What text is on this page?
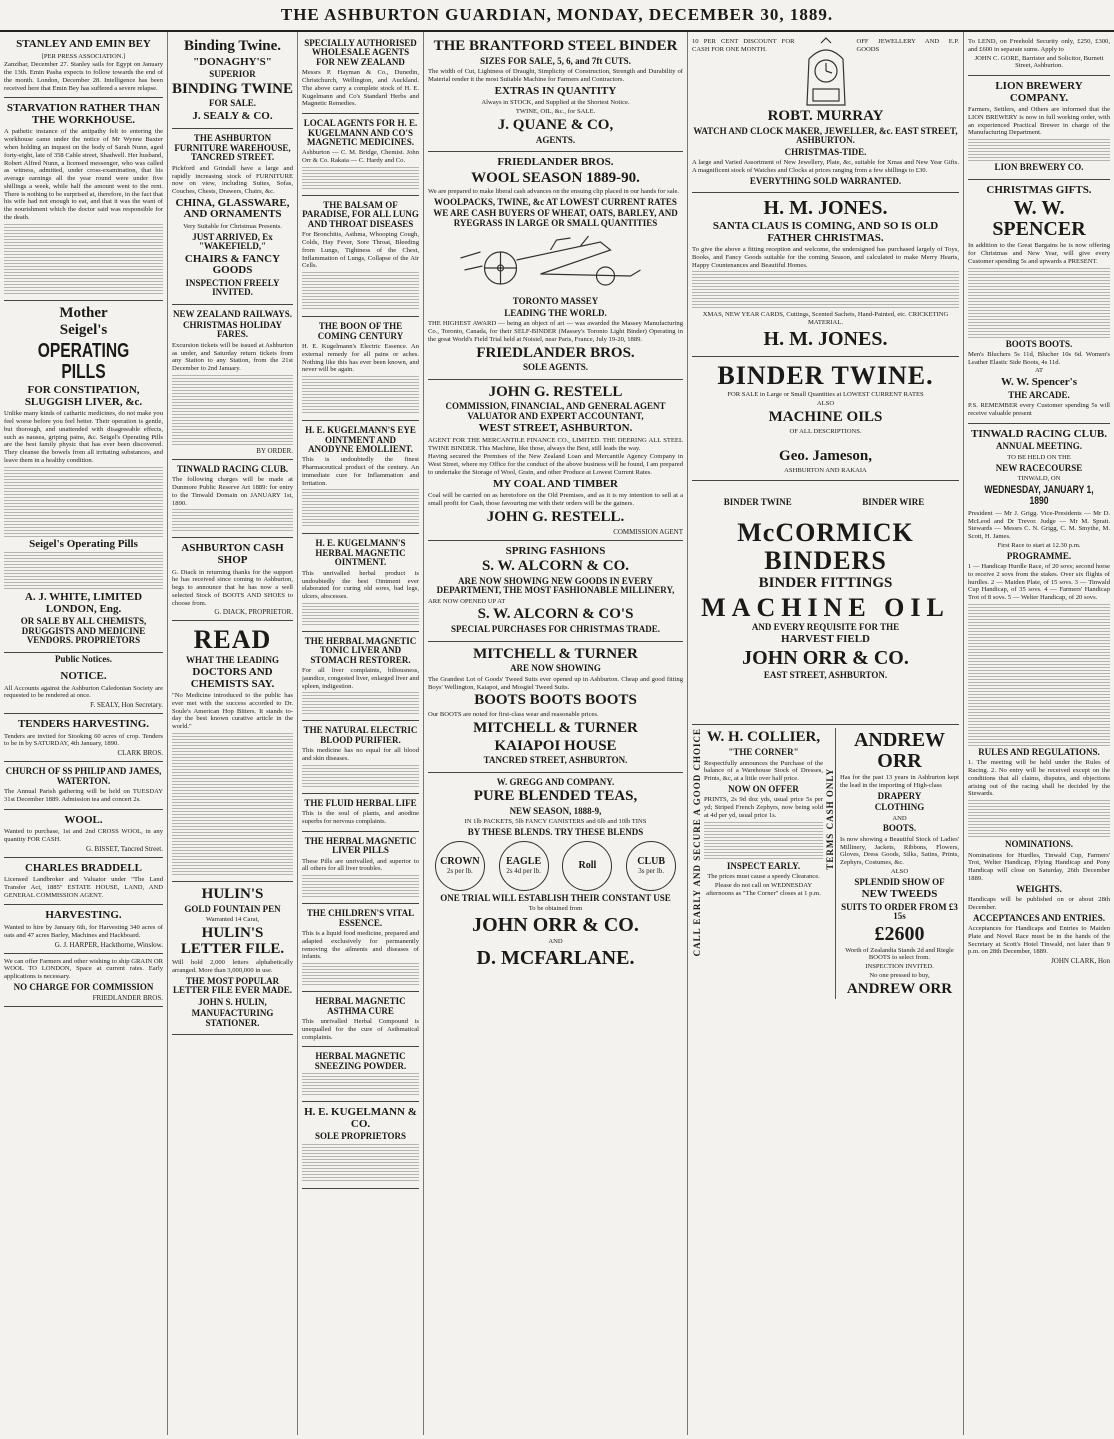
THE ASHBURTON GUARDIAN, MONDAY, DECEMBER 30, 1889.
STANLEY AND EMIN BEY
[PER PRESS ASSOCIATION.]
Zanzibar, December 27. Stanley sails for Egypt on January the 13th. Emin Pasha expects to follow towards the end of the month. London, December 28. Intelligence has been received here that Emin Bey has suffered a severe relapse.
STARVATION RATHER THAN THE WORKHOUSE.
A pathetic instance of the antipathy felt to entering the workhouse came under the notice of Mr Wynne Baxter when holding an inquest on the body of Sarah Nunn, aged forty-eight, late of 358 Cable street, Shadwell. Her husband, Robert Alfred Nunn, a licensed messenger, who was called as witness, admitted, under cross-examination, that his average earnings all the year round were under five shillings a week, while half the amount went to the rent. There is nothing to be surprised at, therefore, in the fact that his wife had not enough to eat, and that it was the want of the nourishment which the doctor said was responsible for the death.
Mother
Seigel's
OPERATING PILLS
FOR CONSTIPATION, SLUGGISH LIVER, &c.
Unlike many kinds of cathartic medicines, do not make you feel worse before you feel better. Their operation is gentle, but thorough, and unattended with disagreeable effects, such as nausea, griping pains, &c. Seigel's Operating Pills are the best family physic that has ever been discovered. They cleanse the bowels from all irritating substances, and leave them in a healthy condition.
Seigel's Operating Pills
A. J. WHITE, LIMITED LONDON, Eng.
OR SALE BY ALL CHEMISTS, DRUGGISTS AND MEDICINE VENDORS. PROPRIETORS
Public Notices.
NOTICE.
All Accounts against the Ashburton Caledonian Society are requested to be rendered at once.
F. SEALY, Hon Secretary.
TENDERS HARVESTING.
Tenders are invited for Stooking 60 acres of crop. Tenders to be in by SATURDAY, 4th January, 1890.
CLARK BROS.
CHURCH OF SS PHILIP AND JAMES, WATERTON.
The Annual Parish gathering will be held on TUESDAY 31st December 1889. Admission tea and concert 2s.
WOOL.
Wanted to purchase, 1st and 2nd CROSS WOOL, in any quantity FOR CASH.
G. BISSET, Tancred Street.
CHARLES BRADDELL
Licensed Landbroker and Valuator under "The Land Transfer Act, 1885" ESTATE HOUSE, LAND, AND GENERAL COMMISSION AGENT.
HARVESTING.
Wanted to hire by January 6th, for Harvesting 340 acres of oats and 47 acres Barley, Machines and Hackboard.
G. J. HARPER, Hackthorne, Winslow.
We can offer Farmers and other wishing to ship GRAIN OR WOOL TO LONDON, Space at current rates. Early applications is necessary.
NO CHARGE FOR COMMISSION
FRIEDLANDER BROS.
Binding Twine.
"DONAGHY'S"
SUPERIOR
BINDING TWINE
FOR SALE.
J. SEALY & CO.
THE ASHBURTON FURNITURE WAREHOUSE, TANCRED STREET.
Pickford and Grindall have a large and rapidly increasing stock of FURNITURE now on view, including Suites, Sofas, Couches, Chests, Drawers, Chairs, &c.
CHINA, GLASSWARE, AND ORNAMENTS
Very Suitable for Christmas Presents.
JUST ARRIVED, Ex "WAKEFIELD,"
CHAIRS & FANCY GOODS
INSPECTION FREELY INVITED.
NEW ZEALAND RAILWAYS.
CHRISTMAS HOLIDAY FARES.
Excursion tickets will be issued at Ashburton as under, and Saturday return tickets from any Station to any Station, from the 21st December to 2nd January.
BY ORDER.
TINWALD RACING CLUB.
The following charges will be made at Dunmore Public Reserve Art 1889: for entry to the Tinwald Domain on JANUARY 1st, 1890.
ASHBURTON CASH SHOP
G. Diack in returning thanks for the support he has received since coming to Ashburton, begs to announce that he has now a well selected Stock of BOOTS AND SHOES to choose from.
G. DIACK, PROPRIETOR.
READ
WHAT THE LEADING
DOCTORS AND CHEMISTS SAY.
"No Medicine introduced to the public has ever met with the success accorded to Dr. Soule's American Hop Bitters. It stands to-day the best known curative article in the world."
HULIN'S
GOLD FOUNTAIN PEN
Warranted 14 Carat,
HULIN'S LETTER FILE.
Will hold 2,000 letters alphabetically arranged. More than 3,000,000 in use.
THE MOST POPULAR LETTER FILE EVER MADE.
JOHN S. HULIN,
MANUFACTURING STATIONER.
SPECIALLY AUTHORISED WHOLESALE AGENTS FOR NEW ZEALAND
Messrs P. Hayman & Co., Dunedin, Christchurch, Wellington, and Auckland. The above carry a complete stock of H. E. Kugelmann and Co's Standard Herbs and Magnetic Remedies.
LOCAL AGENTS FOR H. E. KUGELMANN AND CO'S MAGNETIC MEDICINES.
Ashburton — C. M. Bridge, Chemist. John Orr & Co. Rakaia — C. Hardy and Co.
THE BALSAM OF PARADISE, FOR ALL LUNG AND THROAT DISEASES
For Bronchitis, Asthma, Whooping Cough, Colds, Hay Fever, Sore Throat, Bleeding from Lungs, Tightness of the Chest, Inflammation of Lungs, Collapse of the Air Cells.
THE BOON OF THE COMING CENTURY
H. E. Kugelmann's Electric Essence. An external remedy for all pains or aches. Nothing like this has ever been known, and never will be again.
H. E. KUGELMANN'S EYE OINTMENT AND ANODYNE EMOLLIENT.
This is undoubtedly the finest Pharmaceutical product of the century. An immediate cure for Inflammation and Irritation.
H. E. KUGELMANN'S HERBAL MAGNETIC OINTMENT.
This unrivalled herbal product is undoubtedly the best Ointment ever elaborated for curing old sores, bad legs, ulcers, abscesses.
THE HERBAL MAGNETIC TONIC LIVER AND STOMACH RESTORER.
For all liver complaints, biliousness, jaundice, congested liver, enlarged liver and spleen, indigestion.
THE NATURAL ELECTRIC BLOOD PURIFIER.
This medicine has no equal for all blood and skin diseases.
THE FLUID HERBAL LIFE
This is the soul of plants, and anodine superbs for nervous complaints.
THE HERBAL MAGNETIC LIVER PILLS
These Pills are unrivalled, and superior to all others for all liver troubles.
THE CHILDREN'S VITAL ESSENCE.
This is a liquid food medicine, prepared and adapted exclusively for permanently removing the ailments and diseases of infants.
HERBAL MAGNETIC ASTHMA CURE
This unrivalled Herbal Compound is unequalled for the cure of Asthmatical complaints.
HERBAL MAGNETIC SNEEZING POWDER.
H. E. KUGELMANN & CO.
SOLE PROPRIETORS
THE BRANTFORD STEEL BINDER
SIZES FOR SALE, 5, 6, and 7ft CUTS.
The width of Cut, Lightness of Draught, Simplicity of Construction, Strength and Durability of Material render it the most Suitable Machine for Farmers and Contractors.
EXTRAS IN QUANTITY
Always in STOCK, and Supplied at the Shortest Notice.
TWINE, OIL, &c., for SALE.
J. QUANE & CO,
AGENTS.
FRIEDLANDER BROS.
WOOL SEASON 1889-90.
We are prepared to make liberal cash advances on the ensuing clip placed in our hands for sale.
WOOLPACKS, TWINE, &c AT LOWEST CURRENT RATES
WE ARE CASH BUYERS OF WHEAT, OATS, BARLEY, AND RYEGRASS IN LARGE OR SMALL QUANTITIES
TORONTO MASSEY
LEADING THE WORLD.
THE HIGHEST AWARD — being an object of art — was awarded the Massey Manufacturing Co., Toronto, Canada, for their SELF-BINDER (Massey's Toronto Light Binder) Operating in the great World's Field Trial held at Noisiel, near Paris, France, July 19-20, 1889.
FRIEDLANDER BROS.
SOLE AGENTS.
JOHN G. RESTELL
COMMISSION, FINANCIAL, AND GENERAL AGENT VALUATOR AND EXPERT ACCOUNTANT,
WEST STREET, ASHBURTON.
AGENT FOR THE MERCANTILE FINANCE CO., LIMITED. THE DEERING ALL STEEL TWINE BINDER. This Machine, like those, always the Best, still leads the way.
Having secured the Premises of the New Zealand Loan and Mercantile Agency Company in West Street, where my Office for the conduct of the above business will be found, I am prepared to undertake the Storage of Wool, Grain, and other Produce at Lowest Current Rates.
MY COAL AND TIMBER
Coal will be carried on as heretofore on the Old Premises, and as it is my intention to sell at a small profit for Cash, those favouring me with their orders will be the gainers.
JOHN G. RESTELL.
COMMISSION AGENT
SPRING FASHIONS
S. W. ALCORN & CO.
ARE NOW SHOWING NEW GOODS IN EVERY DEPARTMENT, THE MOST FASHIONABLE MILLINERY,
ARE NOW OPENED UP AT
S. W. ALCORN & CO'S
SPECIAL PURCHASES FOR CHRISTMAS TRADE.
MITCHELL & TURNER
ARE NOW SHOWING
The Grandest Lot of Goods' Tweed Suits ever opened up in Ashburton. Cheap and good fitting Boys' Wellington, Kaiapoi, and Mosgiel Tweed Suits.
BOOTS BOOTS BOOTS
Our BOOTS are noted for first-class wear and reasonable prices.
MITCHELL & TURNER
KAIAPOI HOUSE
TANCRED STREET, ASHBURTON.
W. GREGG AND COMPANY.
PURE BLENDED TEAS,
NEW SEASON, 1888-9,
IN 1lb PACKETS, 5lb FANCY CANISTERS and 6lb and 10lb TINS
BY THESE BLENDS. TRY THESE BLENDS
CROWN
2s per lb.
EAGLE
2s 4d per lb.	Roll	CLUB
3s per lb.
ONE TRIAL WILL ESTABLISH THEIR CONSTANT USE
To be obtained from
JOHN ORR & CO.
AND
D. MCFARLANE.
10 PER CENT DISCOUNT FOR CASH FOR ONE MONTH.
OFF JEWELLERY AND E.P. GOODS
ROBT. MURRAY
WATCH AND CLOCK MAKER, JEWELLER, &c. EAST STREET, ASHBURTON.
CHRISTMAS-TIDE.
A large and Varied Assortment of New Jewellery, Plate, &c, suitable for Xmas and New Year Gifts. A magnificent stock of Watches and Clocks at prices ranging from a few shillings to £30.
EVERYTHING SOLD WARRANTED.
H. M. JONES.
SANTA CLAUS IS COMING, AND SO IS OLD FATHER CHRISTMAS.
To give the above a fitting reception and welcome, the undersigned has purchased largely of Toys, Books, and Fancy Goods suitable for the coming Season, and calculated to make Merry Hearts, Happy Countenances and Beautiful Homes.
XMAS, NEW YEAR CARDS, Cuttings, Scented Sachets, Hand-Painted, etc. CRICKETING MATERIAL.
H. M. JONES.
BINDER TWINE.
FOR SALE in Large or Small Quantities at LOWEST CURRENT RATES
ALSO
MACHINE OILS
OF ALL DESCRIPTIONS.
Geo. Jameson,
ASHBURTON AND RAKAIA
BINDER TWINE	BINDER WIRE
McCORMICK BINDERS
BINDER FITTINGS
MACHINE OIL
AND EVERY REQUISITE FOR THE
HARVEST FIELD
JOHN ORR & CO.
EAST STREET, ASHBURTON.
CALL EARLY AND SECURE A GOOD CHOICE	TERMS CASH ONLY
W. H. COLLIER,
"THE CORNER"
Respectfully announces the Purchase of the balance of a Warehouse Stock of Dresses, Prints, &c, at a little over half price.
NOW ON OFFER
PRINTS, 2s 9d doz yds, usual price 5s per yd; Striped French Zephyrs, now being sold at 4d per yd, usual price 1s.
INSPECT EARLY.
The prices must cause a speedy Clearance.
Please do not call on WEDNESDAY afternoons as "The Corner" closes at 1 p.m.
ANDREW ORR
Has for the past 13 years in Ashburton kept the lead in the importing of High-class
DRAPERY
CLOTHING
AND
BOOTS.
Is now showing a Beautiful Stock of Ladies' Millinery, Jackets, Ribbons, Flowers, Gloves, Dress Goods, Silks, Satins, Prints, Zephyrs, Costumes, &c.
ALSO
SPLENDID SHOW OF
NEW TWEEDS
SUITS TO ORDER FROM £3 15s
£2600
Worth of Zealandia Stands 2d and Riegle BOOTS to select from.
INSPECTION INVITED.
No one pressed to buy,
ANDREW ORR
To LEND, on Freehold Security only, £250, £300, and £600 in separate sums. Apply to
JOHN C. GORE, Barrister and Solicitor, Burnett Street, Ashburton.
LION BREWERY COMPANY.
Farmers, Settlers, and Others are informed that the LION BREWERY is now in full working order, with an experienced Practical Brewer in charge of the Manufacturing Department.
LION BREWERY CO.
CHRISTMAS GIFTS.
W. W. SPENCER
In addition to the Great Bargains he is now offering for Christmas and New Year, will give every Customer spending 5s and upwards a PRESENT.
BOOTS BOOTS.
Men's Bluchers 5s 11d, Blucher 10s 6d. Women's Leather Elastic Side Boots, 4s 11d.
AT
W. W. Spencer's
THE ARCADE.
P.S. REMEMBER every Customer spending 5s will receive valuable present
TINWALD RACING CLUB.
ANNUAL MEETING.
TO BE HELD ON THE
NEW RACECOURSE
TINWALD, ON
WEDNESDAY, JANUARY 1, 1890
President — Mr J. Grigg. Vice-Presidents — Mr D. McLeod and Dr Trevor. Judge — Mr M. Spratt. Stewards — Messrs C. N. Grigg, C. M. Smythe, M. Scott, H. James.
First Race to start at 12.30 p.m.
PROGRAMME.
1 — Handicap Hurdle Race, of 20 sovs; second horse to receive 2 sovs from the stakes. Over six flights of hurdles. 2 — Maiden Plate, of 15 sovs. 3 — Tinwald Cup Handicap, of 35 sovs. 4 — Farmers' Handicap Trot of 8 sovs. 5 — Welter Handicap, of 20 sovs.
RULES AND REGULATIONS.
1. The meeting will be held under the Rules of Racing. 2. No entry will be received except on the conditions that all claims, disputes, and objections arising out of the racing shall be decided by the Stewards.
NOMINATIONS.
Nominations for Hurdles, Tinwald Cup, Farmers' Trot, Welter Handicap, Flying Handicap and Pony Handicap will close on Saturday, 26th December 1889.
WEIGHTS.
Handicaps will be published on or about 28th December.
ACCEPTANCES AND ENTRIES.
Acceptances for Handicaps and Entries to Maiden Plate and Novel Race must be in the hands of the Secretary at Scott's Hotel Tinwald, not later than 9 p.m. on 28th December, 1889.
JOHN CLARK, Hon
